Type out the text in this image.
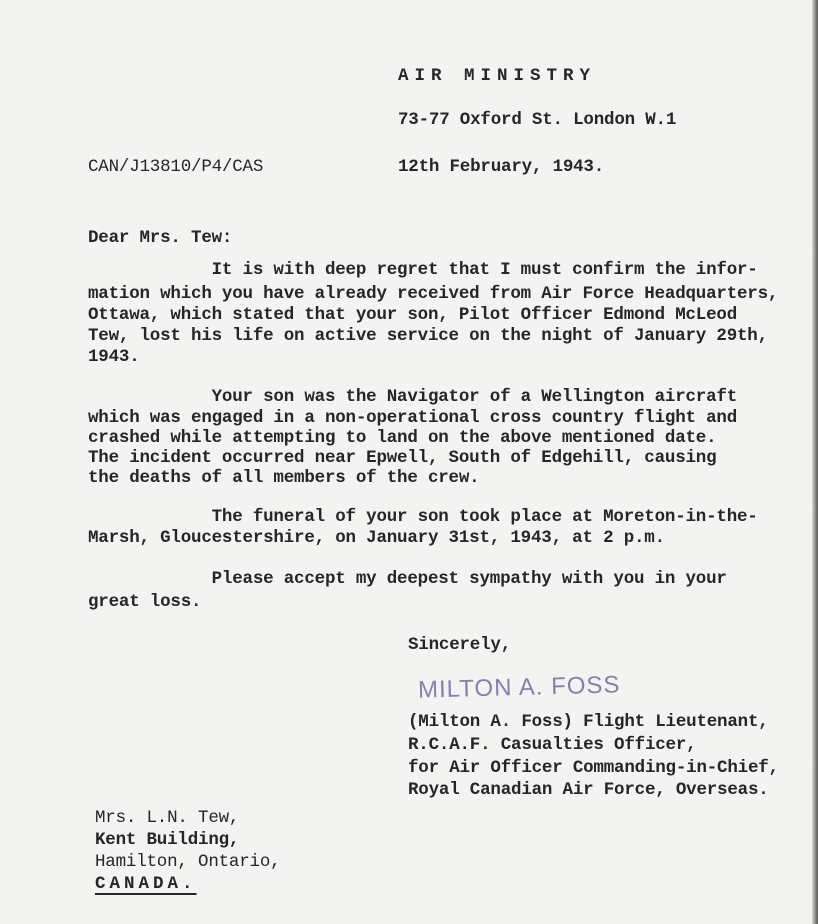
AIR MINISTRY
73-77 Oxford St. London W.1
CAN/J13810/P4/CAS	12th February, 1943.
Dear Mrs. Tew:
It is with deep regret that I must confirm the infor-
mation which you have already received from Air Force Headquarters,
Ottawa, which stated that your son, Pilot Officer Edmond McLeod
Tew, lost his life on active service on the night of January 29th,
1943.
Your son was the Navigator of a Wellington aircraft
which was engaged in a non-operational cross country flight and
crashed while attempting to land on the above mentioned date.
The incident occurred near Epwell, South of Edgehill, causing
the deaths of all members of the crew.
The funeral of your son took place at Moreton-in-the-
Marsh, Gloucestershire, on January 31st, 1943, at 2 p.m.
Please accept my deepest sympathy with you in your
great loss.
Sincerely,
MILTON A. FOSS
(Milton A. Foss) Flight Lieutenant,
R.C.A.F. Casualties Officer,
for Air Officer Commanding-in-Chief,
Royal Canadian Air Force, Overseas.
Mrs. L.N. Tew,
Kent Building,
Hamilton, Ontario,
CANADA.
